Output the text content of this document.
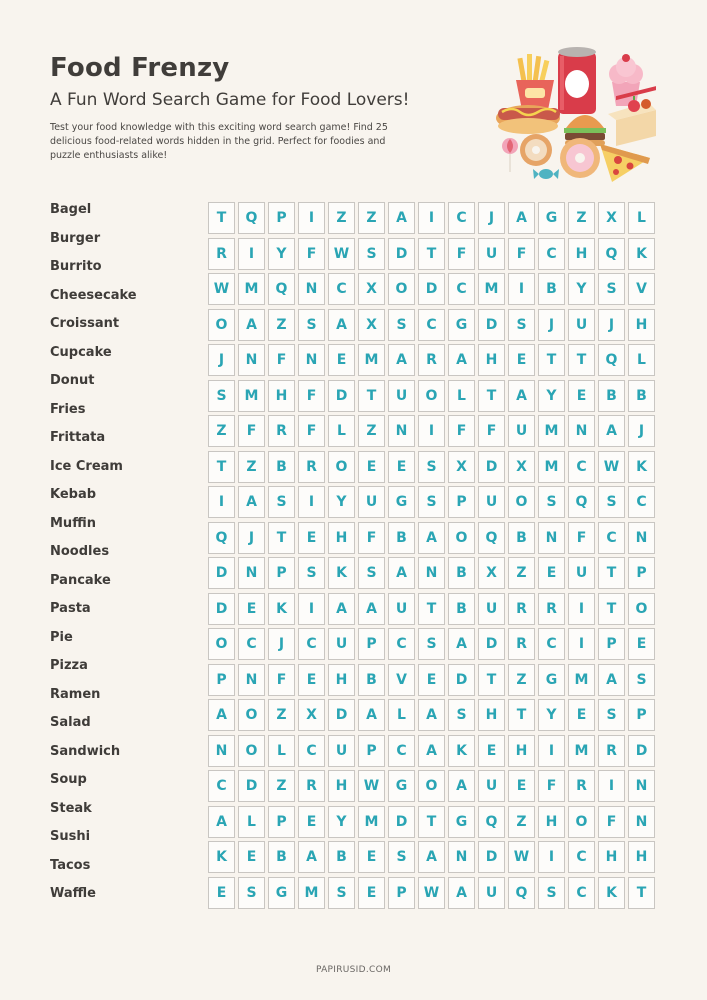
Food Frenzy
A Fun Word Search Game for Food Lovers!
Test your food knowledge with this exciting word search game! Find 25 delicious food-related words hidden in the grid. Perfect for foodies and puzzle enthusiasts alike!
Bagel
Burger
Burrito
Cheesecake
Croissant
Cupcake
Donut
Fries
Frittata
Ice Cream
Kebab
Muffin
Noodles
Pancake
Pasta
Pie
Pizza
Ramen
Salad
Sandwich
Soup
Steak
Sushi
Tacos
Waffle
T	Q	P	I	Z	Z	A	I	C	J	A	G	Z	X	L
R	I	Y	F	W	S	D	T	F	U	F	C	H	Q	K
W	M	Q	N	C	X	O	D	C	M	I	B	Y	S	V
O	A	Z	S	A	X	S	C	G	D	S	J	U	J	H
J	N	F	N	E	M	A	R	A	H	E	T	T	Q	L
S	M	H	F	D	T	U	O	L	T	A	Y	E	B	B
Z	F	R	F	L	Z	N	I	F	F	U	M	N	A	J
T	Z	B	R	O	E	E	S	X	D	X	M	C	W	K
I	A	S	I	Y	U	G	S	P	U	O	S	Q	S	C
Q	J	T	E	H	F	B	A	O	Q	B	N	F	C	N
D	N	P	S	K	S	A	N	B	X	Z	E	U	T	P
D	E	K	I	A	A	U	T	B	U	R	R	I	T	O
O	C	J	C	U	P	C	S	A	D	R	C	I	P	E
P	N	F	E	H	B	V	E	D	T	Z	G	M	A	S
A	O	Z	X	D	A	L	A	S	H	T	Y	E	S	P
N	O	L	C	U	P	C	A	K	E	H	I	M	R	D
C	D	Z	R	H	W	G	O	A	U	E	F	R	I	N
A	L	P	E	Y	M	D	T	G	Q	Z	H	O	F	N
K	E	B	A	B	E	S	A	N	D	W	I	C	H	H
E	S	G	M	S	E	P	W	A	U	Q	S	C	K	T
PAPIRUSID.COM
